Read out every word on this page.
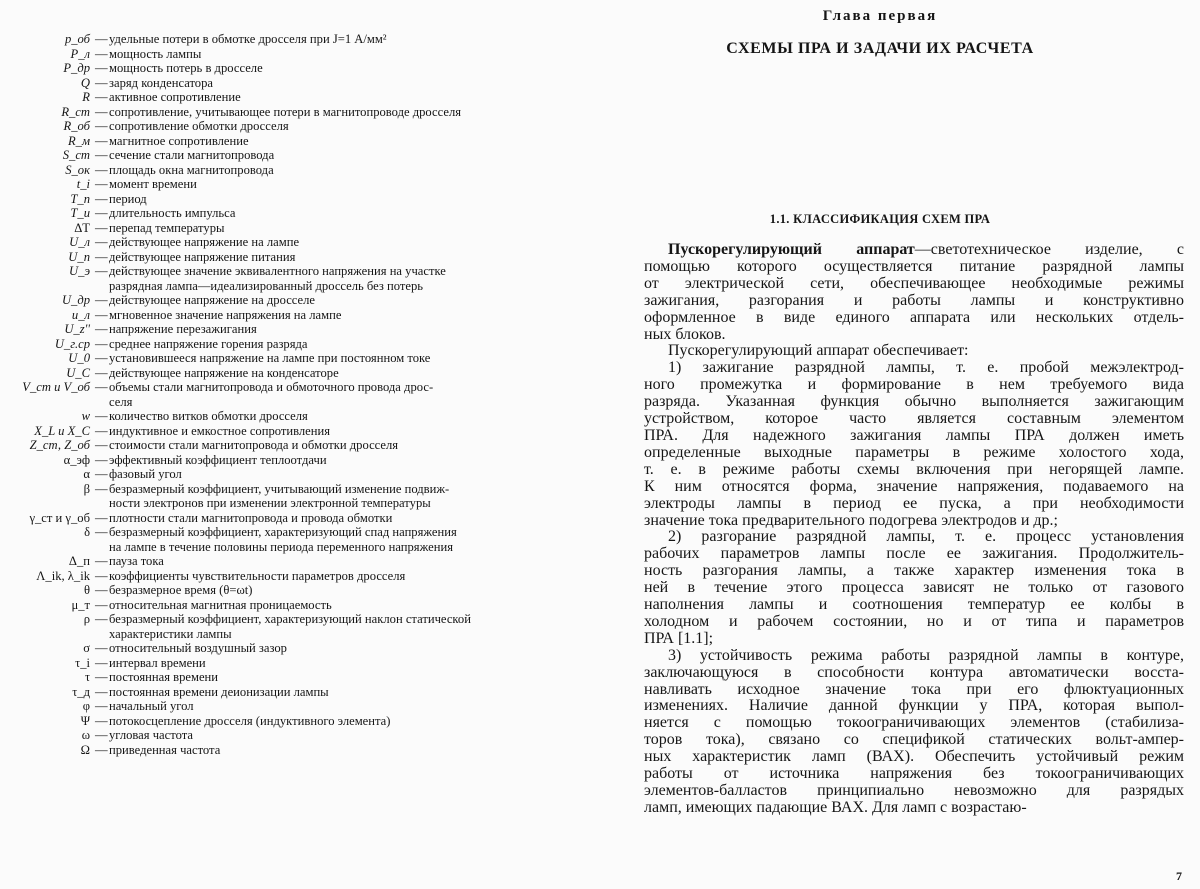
p_об — удельные потери в обмотке дросселя при J=1 А/мм²
P_л — мощность лампы
P_др — мощность потерь в дросселе
Q — заряд конденсатора
R — активное сопротивление
R_ст — сопротивление, учитывающее потери в магнитопроводе дросселя
R_об — сопротивление обмотки дросселя
R_м — магнитное сопротивление
S_ст — сечение стали магнитопровода
S_ок — площадь окна магнитопровода
t_i — момент времени
T_п — период
T_и — длительность импульса
ΔT — перепад температуры
U_л — действующее напряжение на лампе
U_п — действующее напряжение питания
U_э — действующее значение эквивалентного напряжения на участке
разрядная лампа—идеализированный дроссель без потерь
U_др — действующее напряжение на дросселе
u_л — мгновенное значение напряжения на лампе
U_z'' — напряжение перезажигания
U_г.ср — среднее напряжение горения разряда
U_0 — установившееся напряжение на лампе при постоянном токе
U_C — действующее напряжение на конденсаторе
V_ст и V_об — объемы стали магнитопровода и обмоточного провода дрос-
селя
w — количество витков обмотки дросселя
X_L и X_C — индуктивное и емкостное сопротивления
Z_ст, Z_об — стоимости стали магнитопровода и обмотки дросселя
α_эф — эффективный коэффициент теплоотдачи
α — фазовый угол
β — безразмерный коэффициент, учитывающий изменение подвиж-
ности электронов при изменении электронной температуры
γ_ст и γ_об — плотности стали магнитопровода и провода обмотки
δ — безразмерный коэффициент, характеризующий спад напряжения
на лампе в течение половины периода переменного напряжения
Δ_п — пауза тока
Λ_ik, λ_ik — коэффициенты чувствительности параметров дросселя
θ — безразмерное время (θ=ωt)
μ_т — относительная магнитная проницаемость
ρ — безразмерный коэффициент, характеризующий наклон статической
характеристики лампы
σ — относительный воздушный зазор
τ_i — интервал времени
τ — постоянная времени
τ_д — постоянная времени деионизации лампы
φ — начальный угол
Ψ — потокосцепление дросселя (индуктивного элемента)
ω — угловая частота
Ω — приведенная частота
Глава первая
СХЕМЫ ПРА И ЗАДАЧИ ИХ РАСЧЕТА
1.1. КЛАССИФИКАЦИЯ СХЕМ ПРА
Пускорегулирующий аппарат—светотехническое изделие, с
помощью которого осуществляется питание разрядной лампы
от электрической сети, обеспечивающее необходимые режимы
зажигания, разгорания и работы лампы и конструктивно
оформленное в виде единого аппарата или нескольких отдель-
ных блоков.
Пускорегулирующий аппарат обеспечивает:
1) зажигание разрядной лампы, т. е. пробой межэлектрод-
ного промежутка и формирование в нем требуемого вида
разряда. Указанная функция обычно выполняется зажигающим
устройством, которое часто является составным элементом
ПРА. Для надежного зажигания лампы ПРА должен иметь
определенные выходные параметры в режиме холостого хода,
т. е. в режиме работы схемы включения при негорящей лампе.
К ним относятся форма, значение напряжения, подаваемого на
электроды лампы в период ее пуска, а при необходимости
значение тока предварительного подогрева электродов и др.;
2) разгорание разрядной лампы, т. е. процесс установления
рабочих параметров лампы после ее зажигания. Продолжитель-
ность разгорания лампы, а также характер изменения тока в
ней в течение этого процесса зависят не только от газового
наполнения лампы и соотношения температур ее колбы в
холодном и рабочем состоянии, но и от типа и параметров
ПРА [1.1];
3) устойчивость режима работы разрядной лампы в контуре,
заключающуюся в способности контура автоматически восста-
навливать исходное значение тока при его флюктуационных
изменениях. Наличие данной функции у ПРА, которая выпол-
няется с помощью токоограничивающих элементов (стабилиза-
торов тока), связано со спецификой статических вольт-ампер-
ных характеристик ламп (ВАХ). Обеспечить устойчивый режим
работы от источника напряжения без токоограничивающих
элементов-балластов принципиально невозможно для разрядых
ламп, имеющих падающие ВАХ. Для ламп с возрастаю-
7
